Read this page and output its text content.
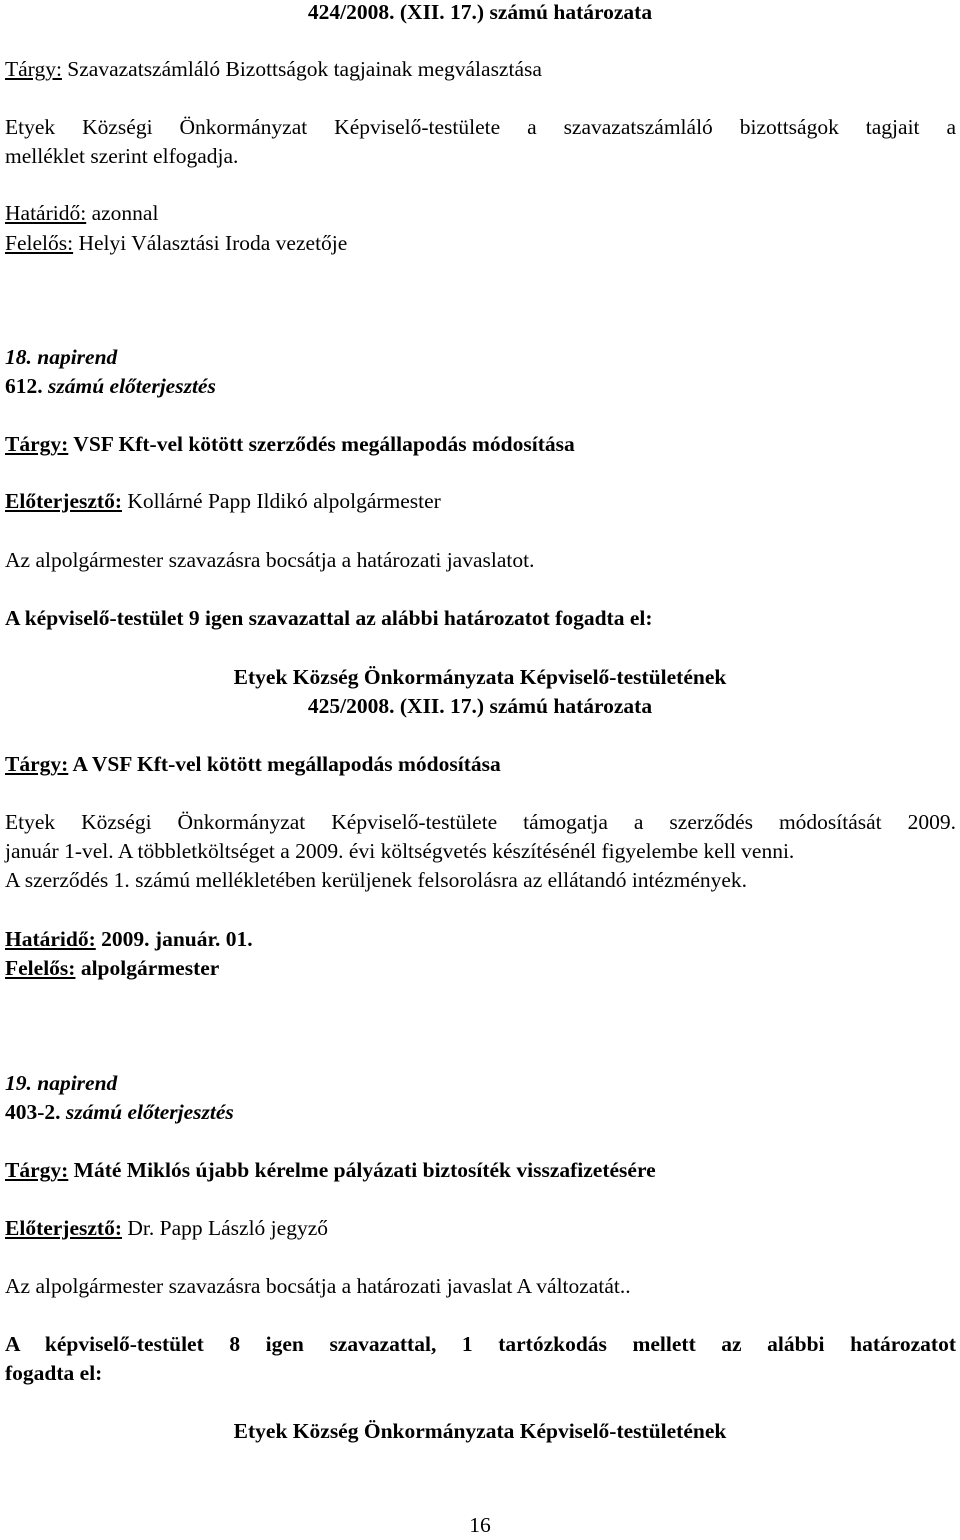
424/2008. (XII. 17.) számú határozata

Tárgy: Szavazatszámláló Bizottságok tagjainak megválasztása

Etyek Községi Önkormányzat Képviselő-testülete a szavazatszámláló bizottságok tagjait a

melléklet szerint elfogadja.

Határidő: azonnal

Felelős: Helyi Választási Iroda vezetője

18. napirend

612. számú előterjesztés

Tárgy: VSF Kft-vel kötött szerződés megállapodás módosítása

Előterjesztő: Kollárné Papp Ildikó alpolgármester

Az alpolgármester szavazásra bocsátja a határozati javaslatot.

A képviselő-testület 9 igen szavazattal az alábbi határozatot fogadta el:

Etyek Község Önkormányzata Képviselő-testületének

425/2008. (XII. 17.) számú határozata

Tárgy: A VSF Kft-vel kötött megállapodás módosítása

Etyek Községi Önkormányzat Képviselő-testülete támogatja a szerződés módosítását 2009.

január 1-vel. A többletköltséget a 2009. évi költségvetés készítésénél figyelembe kell venni.

A szerződés 1. számú mellékletében kerüljenek felsorolásra az ellátandó intézmények.

Határidő: 2009. január. 01.

Felelős: alpolgármester

19. napirend

403-2. számú előterjesztés

Tárgy: Máté Miklós újabb kérelme pályázati biztosíték visszafizetésére

Előterjesztő: Dr. Papp László jegyző

Az alpolgármester szavazásra bocsátja a határozati javaslat A változatát..

A képviselő-testület 8 igen szavazattal, 1 tartózkodás mellett az alábbi határozatot

fogadta el:

Etyek Község Önkormányzata Képviselő-testületének

16
